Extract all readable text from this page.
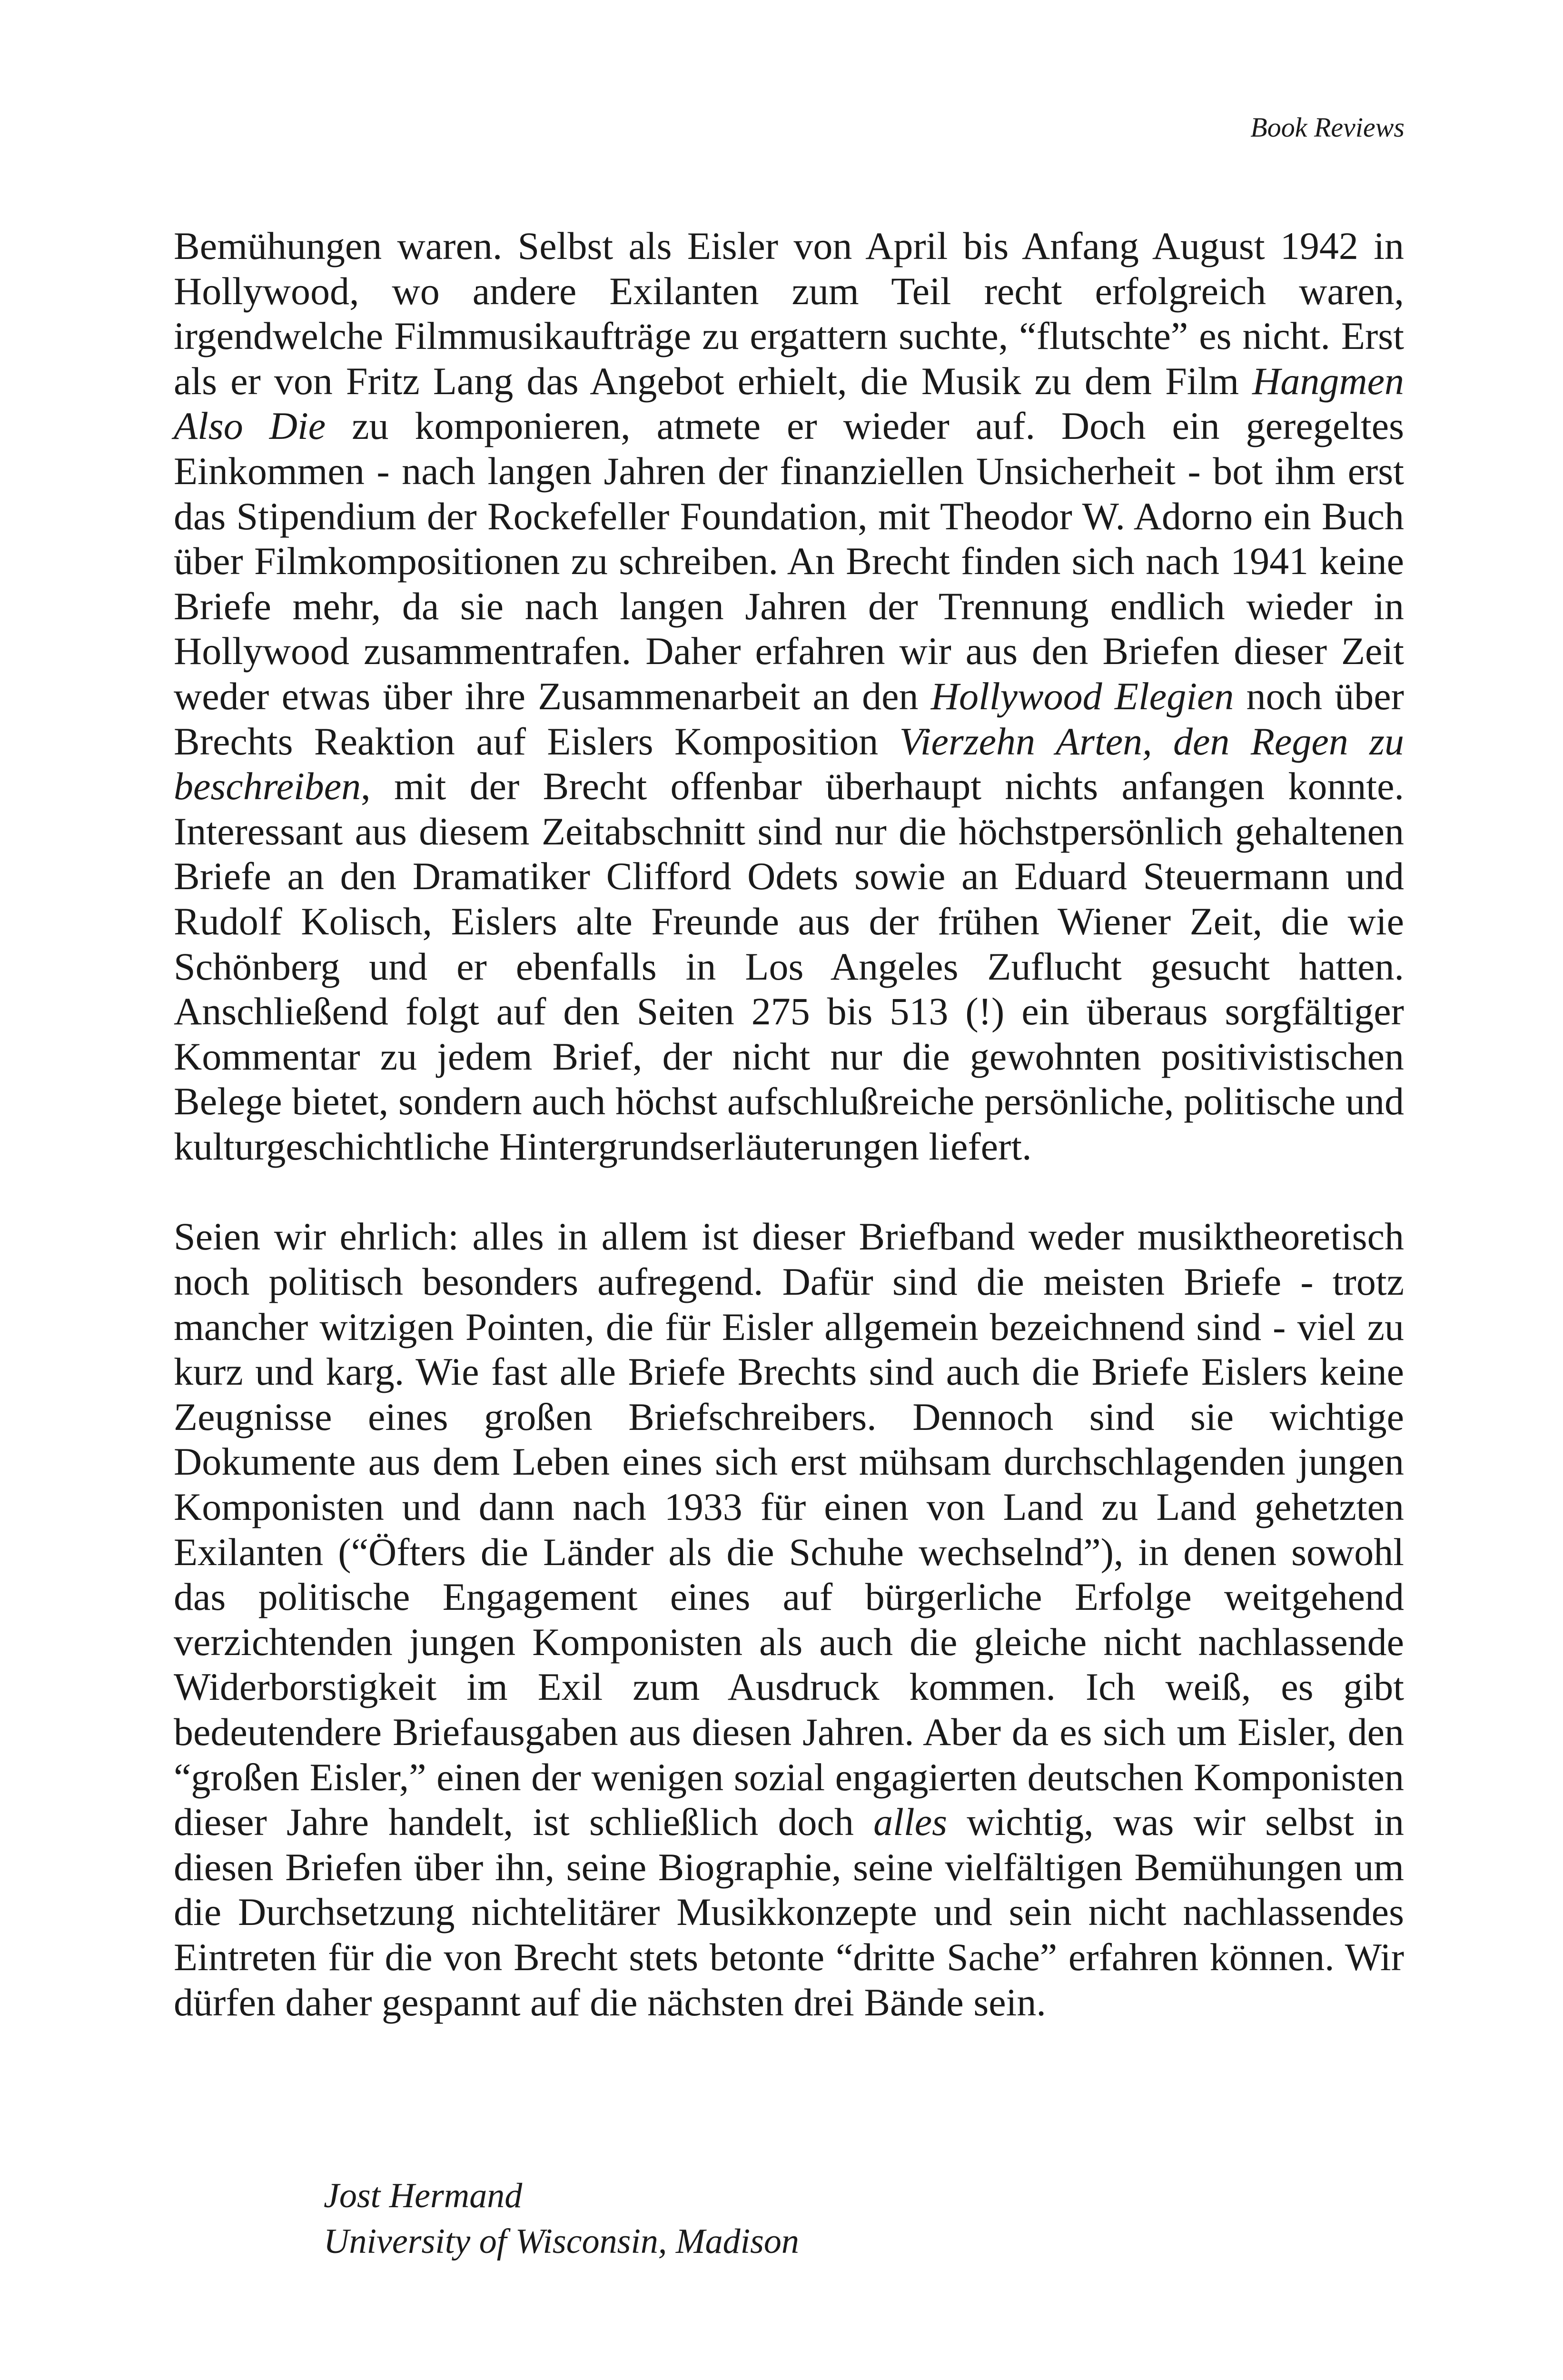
Book Reviews

Bemühungen waren. Selbst als Eisler von April bis Anfang August 1942 in Hollywood, wo andere Exilanten zum Teil recht erfolgreich waren, irgendwelche Filmmusikaufträge zu ergattern suchte, “flutschte” es nicht. Erst als er von Fritz Lang das Angebot erhielt, die Musik zu dem Film Hangmen Also Die zu komponieren, atmete er wieder auf. Doch ein geregeltes Einkommen - nach langen Jahren der finanziellen Unsicherheit - bot ihm erst das Stipendium der Rockefeller Foundation, mit Theodor W. Adorno ein Buch über Filmkompositionen zu schreiben. An Brecht finden sich nach 1941 keine Briefe mehr, da sie nach langen Jahren der Trennung endlich wieder in Hollywood zusammentrafen. Daher erfahren wir aus den Briefen dieser Zeit weder etwas über ihre Zusammenarbeit an den Hollywood Elegien noch über Brechts Reaktion auf Eislers Komposition Vierzehn Arten, den Regen zu beschreiben, mit der Brecht offenbar überhaupt nichts anfangen konnte. Interessant aus diesem Zeitabschnitt sind nur die höchstpersönlich gehaltenen Briefe an den Dramatiker Clifford Odets sowie an Eduard Steuermann und Rudolf Kolisch, Eislers alte Freunde aus der frühen Wiener Zeit, die wie Schönberg und er ebenfalls in Los Angeles Zuflucht gesucht hatten. Anschließend folgt auf den Seiten 275 bis 513 (!) ein überaus sorgfältiger Kommentar zu jedem Brief, der nicht nur die gewohnten positivistischen Belege bietet, sondern auch höchst aufschlußreiche persönliche, politische und kulturgeschichtliche Hintergrundserläuterungen liefert.

Seien wir ehrlich: alles in allem ist dieser Briefband weder musiktheoretisch noch politisch besonders aufregend. Dafür sind die meisten Briefe - trotz mancher witzigen Pointen, die für Eisler allgemein bezeichnend sind - viel zu kurz und karg. Wie fast alle Briefe Brechts sind auch die Briefe Eislers keine Zeugnisse eines großen Briefschreibers. Dennoch sind sie wichtige Dokumente aus dem Leben eines sich erst mühsam durchschlagenden jungen Komponisten und dann nach 1933 für einen von Land zu Land gehetzten Exilanten (“Öfters die Länder als die Schuhe wechselnd”), in denen sowohl das politische Engagement eines auf bürgerliche Erfolge weitgehend verzichtenden jungen Komponisten als auch die gleiche nicht nachlassende Widerborstigkeit im Exil zum Ausdruck kommen. Ich weiß, es gibt bedeutendere Briefausgaben aus diesen Jahren. Aber da es sich um Eisler, den “großen Eisler,” einen der wenigen sozial engagierten deutschen Komponisten dieser Jahre handelt, ist schließlich doch alles wichtig, was wir selbst in diesen Briefen über ihn, seine Biographie, seine vielfältigen Bemühungen um die Durchsetzung nichtelitärer Musikkonzepte und sein nicht nachlassendes Eintreten für die von Brecht stets betonte “dritte Sache” erfahren können. Wir dürfen daher gespannt auf die nächsten drei Bände sein.

Jost Hermand
University of Wisconsin, Madison
